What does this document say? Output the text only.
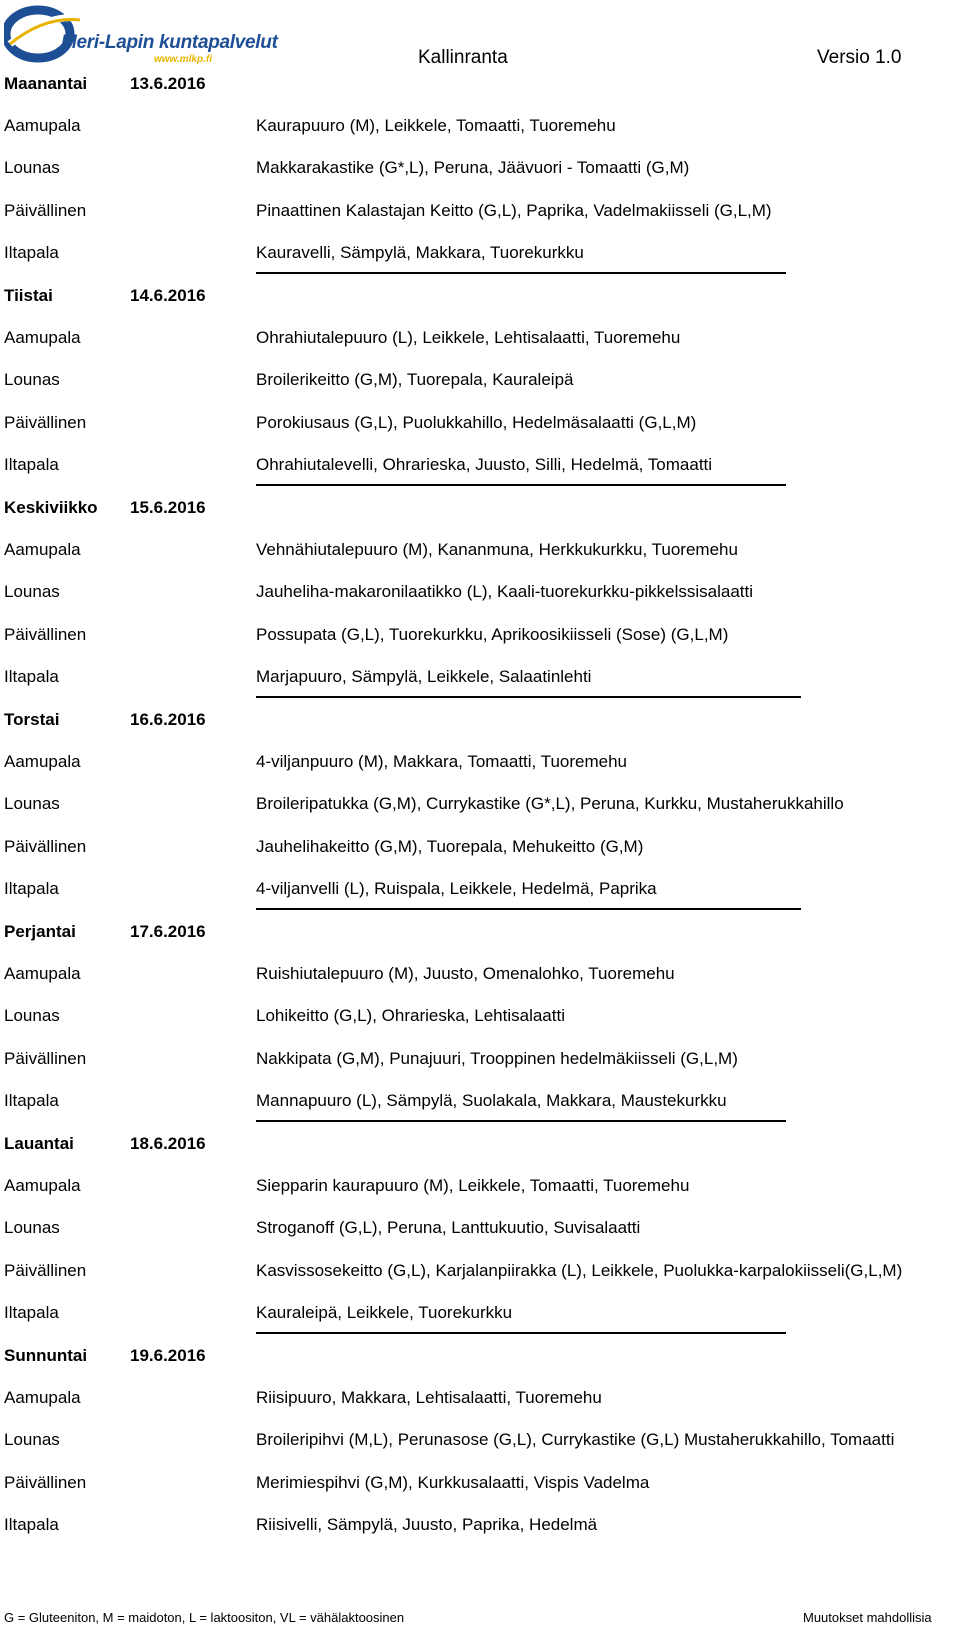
Meri-Lapin kuntapalvelut
www.mlkp.fi	Kallinranta	Versio 1.0
Maanantai	13.6.2016
Aamupala	Kaurapuuro (M), Leikkele, Tomaatti, Tuoremehu
Lounas	Makkarakastike (G*,L), Peruna, Jäävuori - Tomaatti (G,M)
Päivällinen	Pinaattinen Kalastajan Keitto (G,L), Paprika, Vadelmakiisseli (G,L,M)
Iltapala	Kauravelli, Sämpylä, Makkara, Tuorekurkku
Tiistai	14.6.2016
Aamupala	Ohrahiutalepuuro (L), Leikkele, Lehtisalaatti, Tuoremehu
Lounas	Broilerikeitto (G,M), Tuorepala, Kauraleipä
Päivällinen	Porokiusaus (G,L), Puolukkahillo, Hedelmäsalaatti (G,L,M)
Iltapala	Ohrahiutalevelli, Ohrarieska, Juusto, Silli, Hedelmä, Tomaatti
Keskiviikko 15.6.2016
Aamupala	Vehnähiutalepuuro (M), Kananmuna, Herkkukurkku, Tuoremehu
Lounas	Jauheliha-makaronilaatikko (L), Kaali-tuorekurkku-pikkelssisalaatti
Päivällinen	Possupata (G,L), Tuorekurkku, Aprikoosikiisseli (Sose) (G,L,M)
Iltapala	Marjapuuro, Sämpylä, Leikkele, Salaatinlehti
Torstai	16.6.2016
Aamupala	4-viljanpuuro (M), Makkara, Tomaatti, Tuoremehu
Lounas	Broileripatukka (G,M), Currykastike (G*,L), Peruna, Kurkku, Mustaherukkahillo
Päivällinen	Jauhelihakeitto (G,M), Tuorepala, Mehukeitto (G,M)
Iltapala	4-viljanvelli (L), Ruispala, Leikkele, Hedelmä, Paprika
Perjantai	17.6.2016
Aamupala	Ruishiutalepuuro (M), Juusto, Omenalohko, Tuoremehu
Lounas	Lohikeitto (G,L), Ohrarieska, Lehtisalaatti
Päivällinen	Nakkipata (G,M), Punajuuri, Trooppinen hedelmäkiisseli (G,L,M)
Iltapala	Mannapuuro (L), Sämpylä, Suolakala, Makkara, Maustekurkku
Lauantai	18.6.2016
Aamupala	Siepparin kaurapuuro (M), Leikkele, Tomaatti, Tuoremehu
Lounas	Stroganoff (G,L), Peruna, Lanttukuutio, Suvisalaatti
Päivällinen	Kasvissosekeitto (G,L), Karjalanpiirakka (L), Leikkele, Puolukka-karpalokiisseli(G,L,M)
Iltapala	Kauraleipä, Leikkele, Tuorekurkku
Sunnuntai	19.6.2016
Aamupala	Riisipuuro, Makkara, Lehtisalaatti, Tuoremehu
Lounas	Broileripihvi (M,L), Perunasose (G,L), Currykastike (G,L) Mustaherukkahillo, Tomaatti
Päivällinen	Merimiespihvi (G,M), Kurkkusalaatti, Vispis Vadelma
Iltapala	Riisivelli, Sämpylä, Juusto, Paprika, Hedelmä
G = Gluteeniton, M = maidoton, L = laktoositon, VL = vähälaktoosinen	Muutokset mahdollisia
